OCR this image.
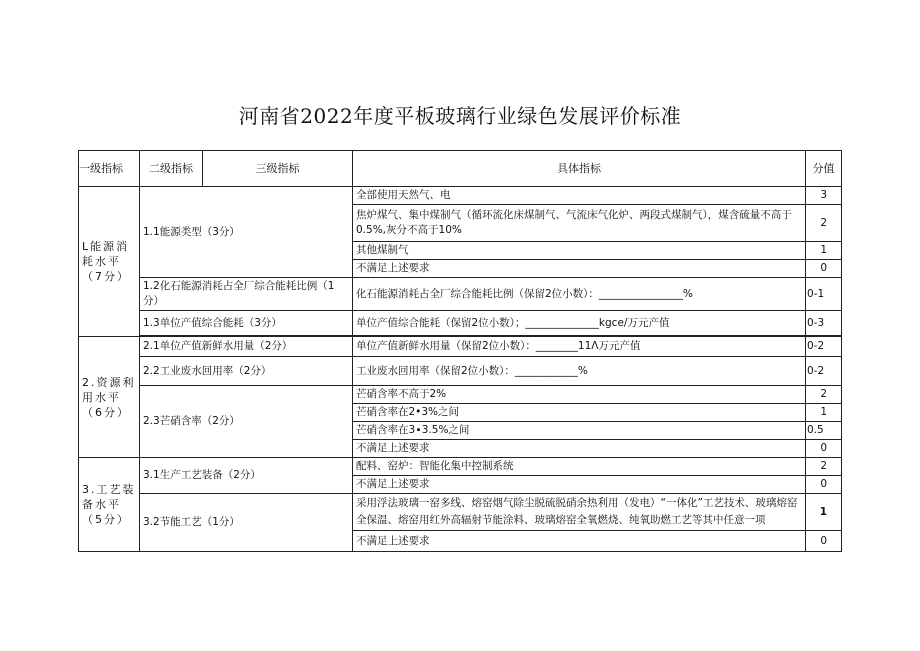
河南省2022年度平板玻璃行业绿色发展评价标准
一级指标	二级指标	三级指标	具体指标	分值
L能源消耗水平（7分）	1.1能源类型（3分）		全部使用天然气、电	3
			焦炉煤气、集中煤制气（循环流化床煤制气、气流床气化炉、两段式煤制气），煤含硫量不高于0.5%,灰分不高于10%	2
			其他煤制气	1
			不满足上述要求	0
	1.2化石能源消耗占全厂综合能耗比例（1分）		化石能源消耗占全厂综合能耗比例（保留2位小数）：________________%	0-1
	1.3单位产值综合能耗（3分）		单位产值综合能耗（保留2位小数）；______________kgce/万元产值	0-3

2.资源利用水平（6分）	2.1单位产值新鲜水用量（2分）		单位产值新鲜水用量（保留2位小数）：________11Λ万元产值	0-2
	2.2工业废水回用率（2分）		工业废水回用率（保留2位小数）：____________%	0-2
	2.3芒硝含率（2分）		芒硝含率不高于2%	2
			芒硝含率在2•3%之间	1
			芒硝含率在3∙3.5%之间	0.5
			不满足上述要求	0
3.工艺装备水平（5分）	3.1生产工艺装备（2分）		配料、窑炉：智能化集中控制系统	2
			不满足上述要求	0
	3.2节能工艺（1分）		采用浮法玻璃一窑多线、熔窑烟气除尘脱硫脱硝余热利用（发电）“一体化”工艺技术、玻璃熔窑全保温、熔窑用红外高辐射节能涂料、玻璃熔窑全氧燃烧、纯氧助燃工艺等其中任意一项	1
			不满足上述要求	0
